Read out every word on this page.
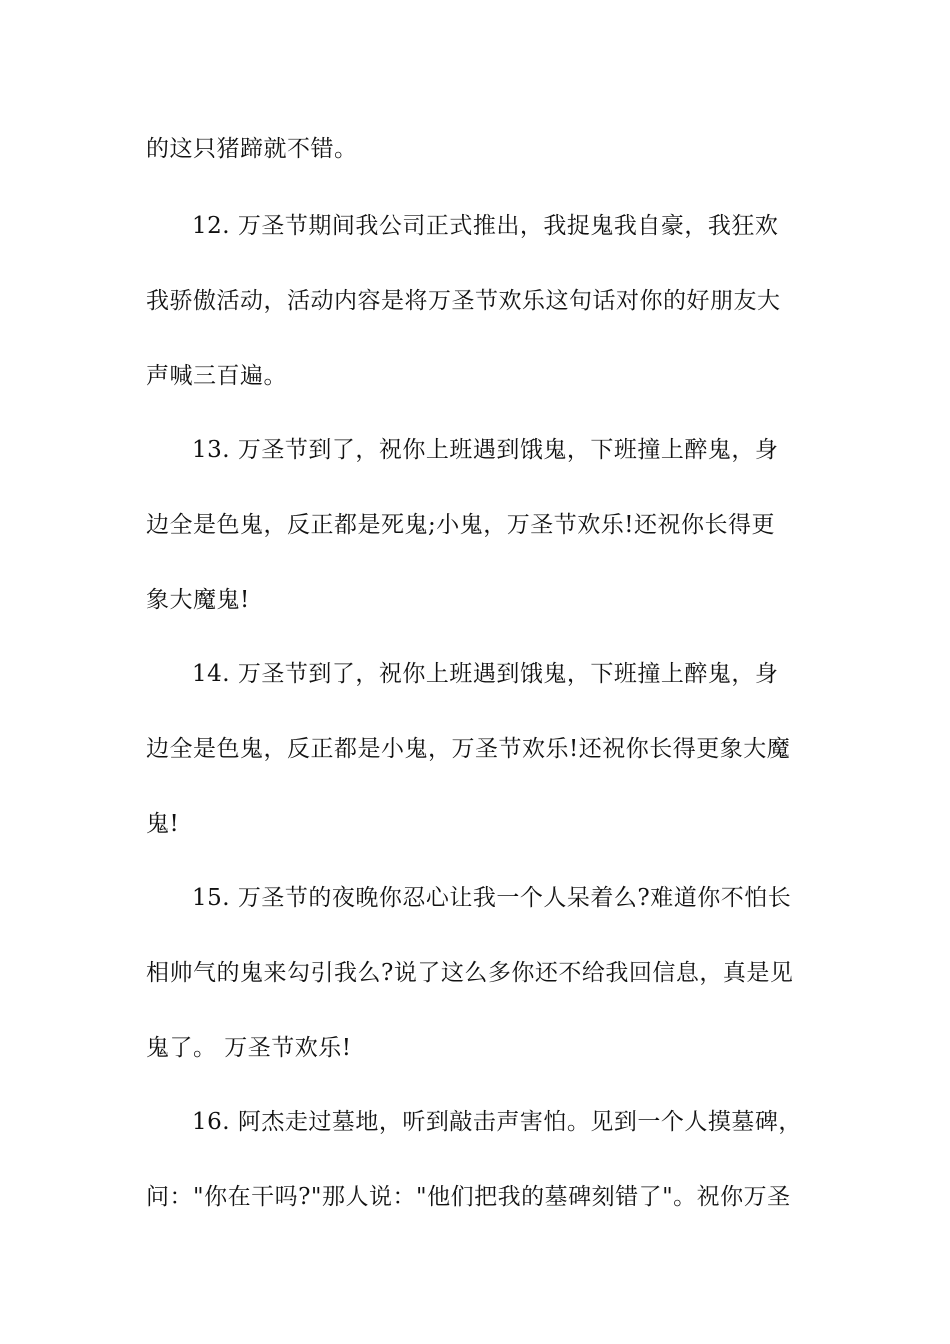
的这只猪蹄就不错。
12. 万圣节期间我公司正式推出，我捉鬼我自豪，我狂欢
我骄傲活动，活动内容是将万圣节欢乐这句话对你的好朋友大
声喊三百遍。
13. 万圣节到了，祝你上班遇到饿鬼，下班撞上醉鬼，身
边全是色鬼，反正都是死鬼;小鬼，万圣节欢乐!还祝你长得更
象大魔鬼!
14. 万圣节到了，祝你上班遇到饿鬼，下班撞上醉鬼，身
边全是色鬼，反正都是小鬼，万圣节欢乐!还祝你长得更象大魔
鬼!
15. 万圣节的夜晚你忍心让我一个人呆着么?难道你不怕长
相帅气的鬼来勾引我么?说了这么多你还不给我回信息，真是见
鬼了。 万圣节欢乐!
16. 阿杰走过墓地，听到敲击声害怕。见到一个人摸墓碑，
问："你在干吗?"那人说："他们把我的墓碑刻错了"。祝你万圣
